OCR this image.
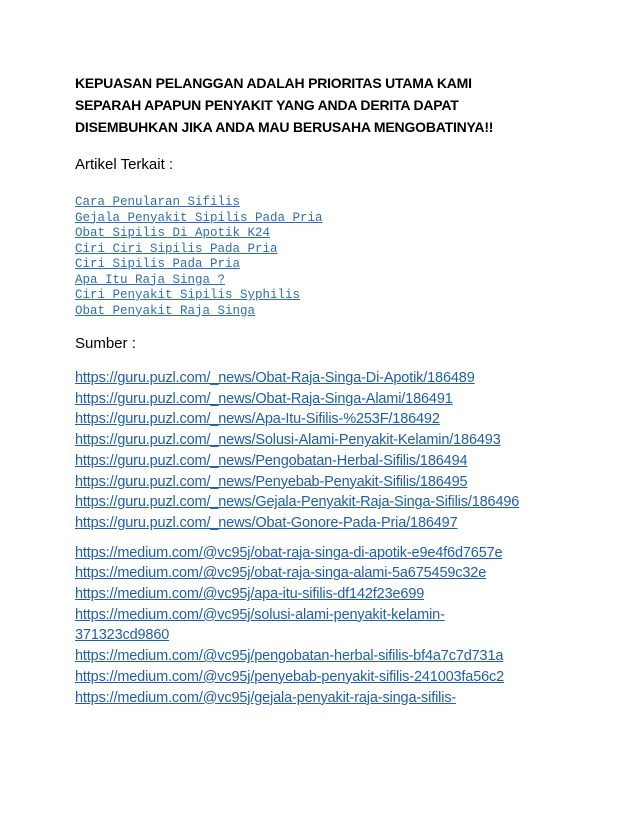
KEPUASAN PELANGGAN ADALAH PRIORITAS UTAMA KAMI

SEPARAH APAPUN PENYAKIT YANG ANDA DERITA DAPAT

DISEMBUHKAN JIKA ANDA MAU BERUSAHA MENGOBATINYA!!

Artikel Terkait :

Cara Penularan Sifilis
Gejala Penyakit Sipilis Pada Pria
Obat Sipilis Di Apotik K24
Ciri Ciri Sipilis Pada Pria
Ciri Sipilis Pada Pria
Apa Itu Raja Singa ?
Ciri Penyakit Sipilis Syphilis
Obat Penyakit Raja Singa

Sumber :

https://guru.puzl.com/_news/Obat-Raja-Singa-Di-Apotik/186489
https://guru.puzl.com/_news/Obat-Raja-Singa-Alami/186491
https://guru.puzl.com/_news/Apa-Itu-Sifilis-%253F/186492
https://guru.puzl.com/_news/Solusi-Alami-Penyakit-Kelamin/186493
https://guru.puzl.com/_news/Pengobatan-Herbal-Sifilis/186494
https://guru.puzl.com/_news/Penyebab-Penyakit-Sifilis/186495
https://guru.puzl.com/_news/Gejala-Penyakit-Raja-Singa-Sifilis/186496
https://guru.puzl.com/_news/Obat-Gonore-Pada-Pria/186497
https://medium.com/@vc95j/obat-raja-singa-di-apotik-e9e4f6d7657e
https://medium.com/@vc95j/obat-raja-singa-alami-5a675459c32e
https://medium.com/@vc95j/apa-itu-sifilis-df142f23e699
https://medium.com/@vc95j/solusi-alami-penyakit-kelamin-
371323cd9860
https://medium.com/@vc95j/pengobatan-herbal-sifilis-bf4a7c7d731a
https://medium.com/@vc95j/penyebab-penyakit-sifilis-241003fa56c2
https://medium.com/@vc95j/gejala-penyakit-raja-singa-sifilis-
